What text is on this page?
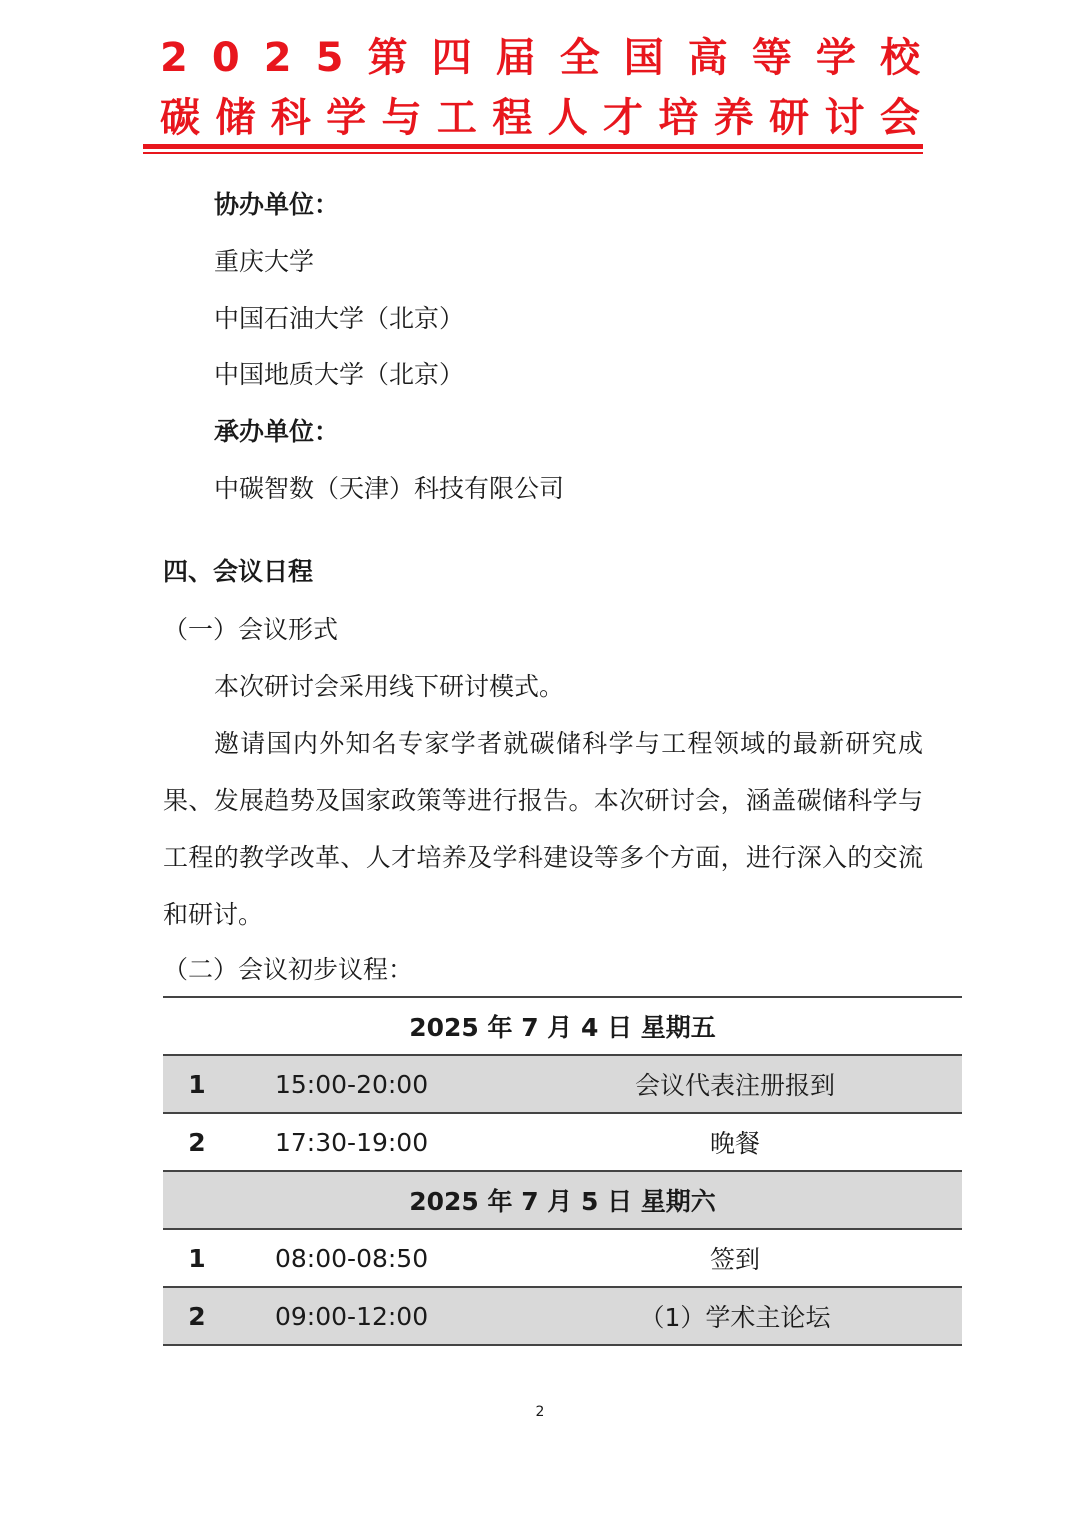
2 0 2 5 第 四 届 全 国 高 等 学 校
碳 储 科 学 与 工 程 人 才 培 养 研 讨 会
协办单位：
重庆大学
中国石油大学（北京）
中国地质大学（北京）
承办单位：
中碳智数（天津）科技有限公司
四、会议日程
（一）会议形式

本次研讨会采用线下研讨模式。

邀请国内外知名专家学者就碳储科学与工程领域的最新研究成果、发展趋势及国家政策等进行报告。本次研讨会，涵盖碳储科学与工程的教学改革、人才培养及学科建设等多个方面，进行深入的交流和研讨。

（二）会议初步议程：
2025 年 7 月 4 日 星期五		
1	15:00-20:00	会议代表注册报到
2	17:30-19:00	晚餐
2025 年 7 月 5 日 星期六		
1	08:00-08:50	签到
2	09:00-12:00	（1）学术主论坛
2
